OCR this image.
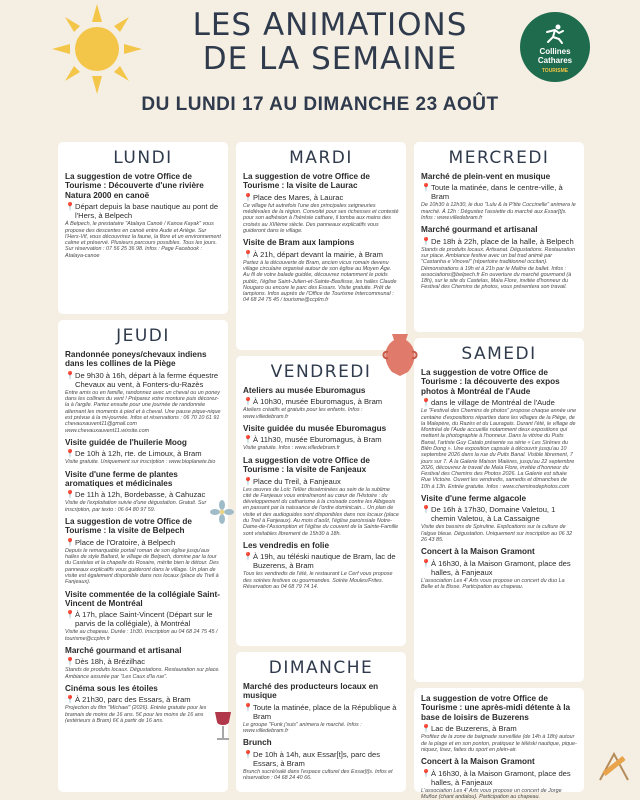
LES ANIMATIONS
DE LA SEMAINE	Collines
Cathares
TOURISME
DU LUNDI 17 AU DIMANCHE 23 AOÛT
LUNDI
La suggestion de votre Office de Tourisme : Découverte d'une rivière Natura 2000 en canoë
📍 Départ depuis la base nautique au pont de l'Hers, à Belpech

À Belpech, le prestataire "Atalaya Canoë / Kanoa Kayak" vous propose des descentes en canoë entre Aude et Ariège. Sur l'Hers-Vif, vous découvrirez la faune, la flore et un environnement calme et préservé. Plusieurs parcours possibles. Tous les jours. Sur réservation : 07 56 25 36 98. Infos : Page Facebook : Atalaya-canoe

JEUDI
Randonnée poneys/chevaux indiens dans les collines de la Piège
📍 De 9h30 à 16h, départ à la ferme équestre Chevaux au vent, à Fonters-du-Razès

Entre amis ou en famille, randonnez avec un cheval ou un poney dans les collines du vent ! Préparez votre monture puis décorez-la à l'argile. Partez ensuite pour une journée de randonnée alternant les moments à pied et à cheval. Une pause pique-nique est prévue à la mi-journée. Infos et réservations : 06 70 10 61 91 chevauxauvent11@gmail.com www.chevauxauvent11.wixsite.com

Visite guidée de l'huilerie Moog
📍 De 10h à 12h, rte. de Limoux, à Bram

Visite gratuite. Uniquement sur inscription : www.bioplanete.bio

Visite d'une ferme de plantes aromatiques et médicinales
📍 De 11h à 12h, Bordebasse, à Cahuzac

Visite de l'exploitation suivie d'une dégustation. Gratuit. Sur inscription, par texto : 06 64 80 97 59.

La suggestion de votre Office de Tourisme : la visite de Belpech
📍 Place de l'Oratoire, à Belpech

Depuis le remarquable portail roman de son église jusqu'aux halles de style Baltard, le village de Belpech, domine par la tour du Castelas et la chapelle du Rosaire, mérite bien le détour. Des panneaux explicatifs vous guideront dans le village. Un plan de visite est également disponible dans nos locaux (place du Treil à Fanjeaux).

Visite commentée de la collégiale Saint-Vincent de Montréal
📍 À 17h, place Saint-Vincent (Départ sur le parvis de la collégiale), à Montréal

Visite au chapeau. Durée : 1h30. Inscription au 04 68 24 75 45 / tourisme@ccplm.fr

Marché gourmand et artisanal
📍 Dès 18h, à Brézilhac

Stands de produits locaux. Dégustations. Restauration sur place. Ambiance assurée par "Les Caux d'la rue".

Cinéma sous les étoiles
📍 À 21h30, parc des Essars, à Bram

Projection du film "Michael" (2026). Entrée gratuite pour les bramais de moins de 16 ans. 5€ pour les moins de 16 ans (extérieurs à Bram) 6€ à partir de 16 ans.

MARDI
La suggestion de votre Office de Tourisme : la visite de Laurac
📍 Place des Mares, à Laurac

Ce village fut autrefois l'une des principales seigneuries médiévales de la région. Convoité pour ses richesses et contesté pour son adhésion à l'hérésie cathare, il tomba aux mains des croisés au XIIIème siècle. Des panneaux explicatifs vous guideront dans le village.

Visite de Bram aux lampions
📍 À 21h, départ devant la mairie, à Bram

Partez à la découverte de Bram, ancien vicus romain devenu village circulaire organisé autour de son église au Moyen Âge. Au fil de votre balade guidée, découvrez notamment le poids public, l'église Saint-Julien-et-Sainte-Basilisse, les halles Claude Nougaro ou encore le parc des Essars. Visite gratuite. Prêt de lampions. Infos auprès de l'Office de Tourisme Intercommunal : 04 68 24 75 45 / tourisme@ccplm.fr

VENDREDI
Ateliers au musée Eburomagus
📍 À 10h30, musée Eburomagus, à Bram

Ateliers créatifs et gratuits pour les enfants. Infos : www.villedebram.fr

Visite guidée du musée Eburomagus
📍 À 11h30, musée Eburomagus, à Bram

Visite gratuite. Infos : www.villedebram.fr

La suggestion de votre Office de Tourisme : la visite de Fanjeaux
📍 Place du Treil, à Fanjeaux

Les œuvres de Loïc Tellier disséminées au sein de la sublime cité de Fanjeaux vous entraîneront au cœur de l'Histoire : du développement du catharisme à la croisade contre les Albigeois en passant par la naissance de l'ordre dominicain... Un plan de visite et des audioguides sont disponibles dans nos locaux (place du Treil à Fanjeaux). Au mois d'août, l'église paroissiale Notre-Dame-de-l'Assomption et l'église du couvent de la Sainte-Famille sont visitables librement de 15h30 à 18h.

Les vendredis en folie
📍 À 19h, au téléski nautique de Bram, lac de Buzerens, à Bram

Tous les vendredis de l'été, le restaurant Le Cerf vous propose des soirées festives ou gourmandes. Soirée Moules/Frites. Réservation au 04 68 79 74 14.

DIMANCHE
Marché des producteurs locaux en musique
📍 Toute la matinée, place de la République à Bram

Le groupe "Funk j'suis" animera le marché. Infos : www.villedebram.fr

Brunch
📍 De 10h à 14h, aux Essar[t]s, parc des Essars, à Bram

Brunch sucré/salé dans l'espace culturel des Essar[t]s. Infos et réservation : 04 68 24 40 66.

MERCREDI
Marché de plein-vent en musique
📍 Toute la matinée, dans le centre-ville, à Bram

De 10h30 à 12h30, le duo "Lulu & la P'tite Coccinelle" animera le marché. À 12h : Dégustez l'assiette du marché aux Essar[t]s. Infos : www.villedebram.fr

Marché gourmand et artisanal
📍 De 18h à 22h, place de la halle, à Belpech

Stands de produits locaux. Artisanat. Dégustations. Restauration sur place. Ambiance festive avec un bal trad animé par "Castanha e Vinovel" (répertoire traditionnel occitan). Démonstrations à 19h et à 21h par le Maître de ballet. Infos : associations@belpech.fr En ouverture du marché gourmand (à 18h), sur le site du Castelas, Maïa Flore, invitée d'honneur du Festival des Chemins de photos, vous présentera son travail.

SAMEDI
La suggestion de votre Office de Tourisme : la découverte des expos photos à Montréal de l'Aude
📍 dans le village de Montréal de l'Aude

Le "Festival des Chemins de photos" propose chaque année une centaine d'expositions réparties dans les villages de la Piège, de la Malepère, du Razès et du Lauragais. Durant l'été, le village de Montréal de l'Aude accueille notamment deux expositions qui mettent la photographie à l'honneur. Dans la vitrine du Puits Banal, l'artiste Guy Catalo présente sa série « Les Sirènes du Biên Dong ». Une exposition capsule à découvrir jusqu'au 10 septembre 2026 dans la rue du Puits Banal. Visible librement, 7 jours sur 7. À la Galerie Maison Maières, jusqu'au 22 septembre 2026, découvrez le travail de Maïa Flore, invitée d'honneur du Festival des Chemins des Photos 2026. La Galerie est située Rue Victoire. Ouvert les vendredis, samedis et dimanches de 10h à 13h. Entrée gratuite. Infos : www.cheminsdephotos.com

Visite d'une ferme algacole
📍 De 16h à 17h30, Domaine Valetou, 1 chemin Valetou, à La Cassaigne

Visite des bassins de Spiruline. Explications sur la culture de l'algue bleue. Dégustation. Uniquement sur inscription au 06 32 26 43 85.

Concert à la Maison Gramont
📍 À 16h30, à la Maison Gramont, place des halles, à Fanjeaux

L'association Les 4' Arts vous propose un concert du duo La Belle et la Bisse. Participation au chapeau.

La suggestion de votre Office de Tourisme : une après-midi détente à la base de loisirs de Buzerens
📍 Lac de Buzerens, à Bram

Profitez de la zone de baignade surveillée (de 14h à 18h) autour de la plage et en son ponton, pratiquez le téléski nautique, pique-niquez, lisez, faites du sport en plein-air.

Concert à la Maison Gramont
📍 À 16h30, à la Maison Gramont, place des halles, à Fanjeaux

L'association Les 4' Arts vous propose un concert de Jorge Muñoz (chant andalou). Participation au chapeau.
